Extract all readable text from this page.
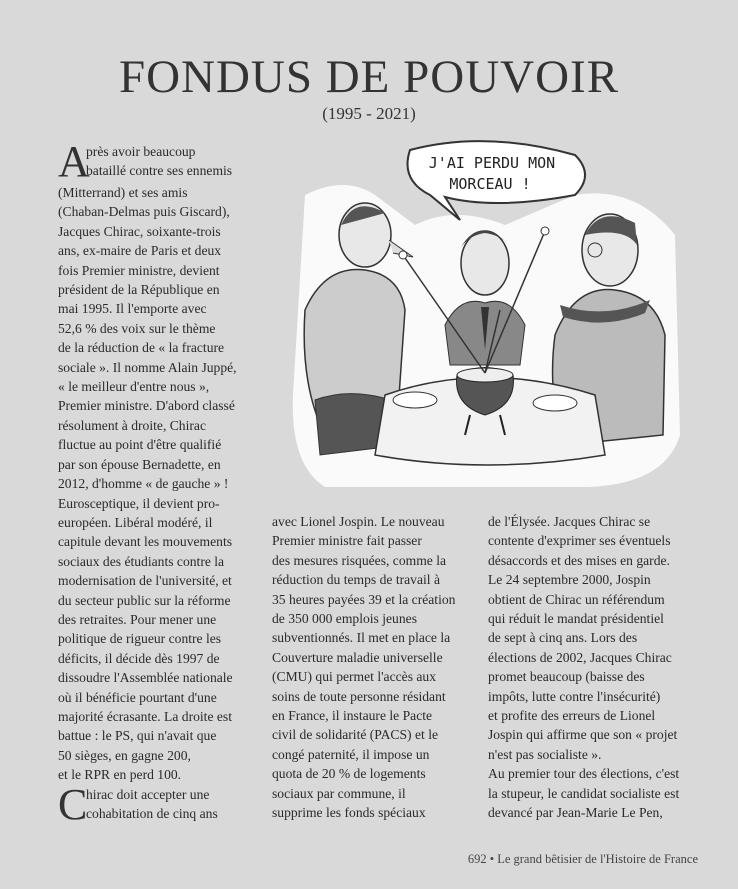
FONDUS DE POUVOIR
(1995 - 2021)
A
près avoir beaucoup
bataillé contre ses ennemis
(Mitterrand) et ses amis
(Chaban-Delmas puis Giscard),
Jacques Chirac, soixante-trois
ans, ex-maire de Paris et deux
fois Premier ministre, devient
président de la République en
mai 1995. Il l'emporte avec
52,6 % des voix sur le thème
de la réduction de « la fracture
sociale ». Il nomme Alain Juppé,
« le meilleur d'entre nous »,
Premier ministre. D'abord classé
résolument à droite, Chirac
fluctue au point d'être qualifié
par son épouse Bernadette, en
2012, d'homme « de gauche » !
Eurosceptique, il devient pro-
européen. Libéral modéré, il
capitule devant les mouvements
sociaux des étudiants contre la
modernisation de l'université, et
du secteur public sur la réforme
des retraites. Pour mener une
politique de rigueur contre les
déficits, il décide dès 1997 de
dissoudre l'Assemblée nationale
où il bénéficie pourtant d'une
majorité écrasante. La droite est
battue : le PS, qui n'avait que
50 sièges, en gagne 200,
et le RPR en perd 100.
C
hirac doit accepter une
cohabitation de cinq ans
avec Lionel Jospin. Le nouveau
Premier ministre fait passer
des mesures risquées, comme la
réduction du temps de travail à
35 heures payées 39 et la création
de 350 000 emplois jeunes
subventionnés. Il met en place la
Couverture maladie universelle
(CMU) qui permet l'accès aux
soins de toute personne résidant
en France, il instaure le Pacte
civil de solidarité (PACS) et le
congé paternité, il impose un
quota de 20 % de logements
sociaux par commune, il
supprime les fonds spéciaux
de l'Élysée. Jacques Chirac se
contente d'exprimer ses éventuels
désaccords et des mises en garde.
Le 24 septembre 2000, Jospin
obtient de Chirac un référendum
qui réduit le mandat présidentiel
de sept à cinq ans. Lors des
élections de 2002, Jacques Chirac
promet beaucoup (baisse des
impôts, lutte contre l'insécurité)
et profite des erreurs de Lionel
Jospin qui affirme que son « projet
n'est pas socialiste ».
Au premier tour des élections, c'est
la stupeur, le candidat socialiste est
devancé par Jean-Marie Le Pen,
J'AI PERDU MON
MORCEAU !
692 • Le grand bêtisier de l'Histoire de France
